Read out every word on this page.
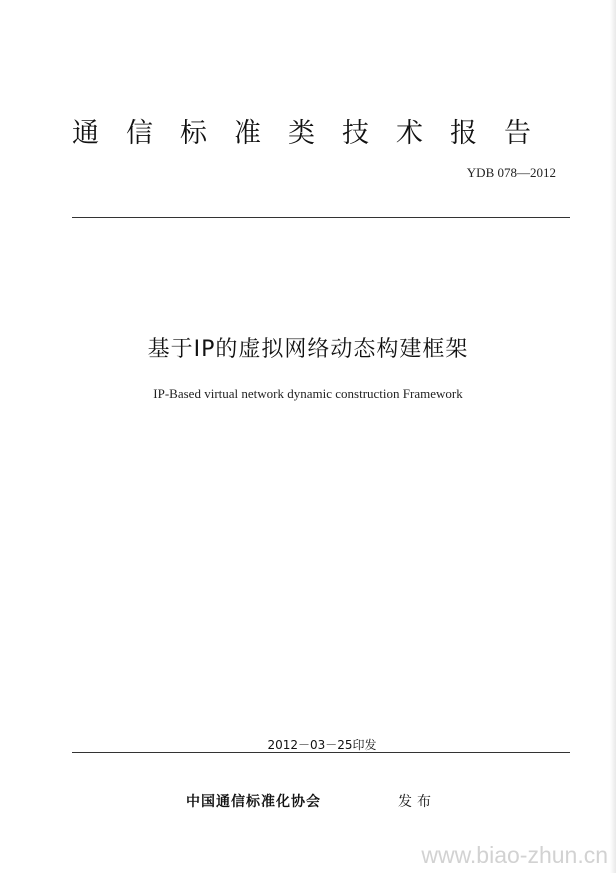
通信标准类技术报告
YDB 078—2012
基于IP的虚拟网络动态构建框架
IP-Based virtual network dynamic construction Framework
2012－03－25印发
中国通信标准化协会	发布
www.biao-zhun.cn
